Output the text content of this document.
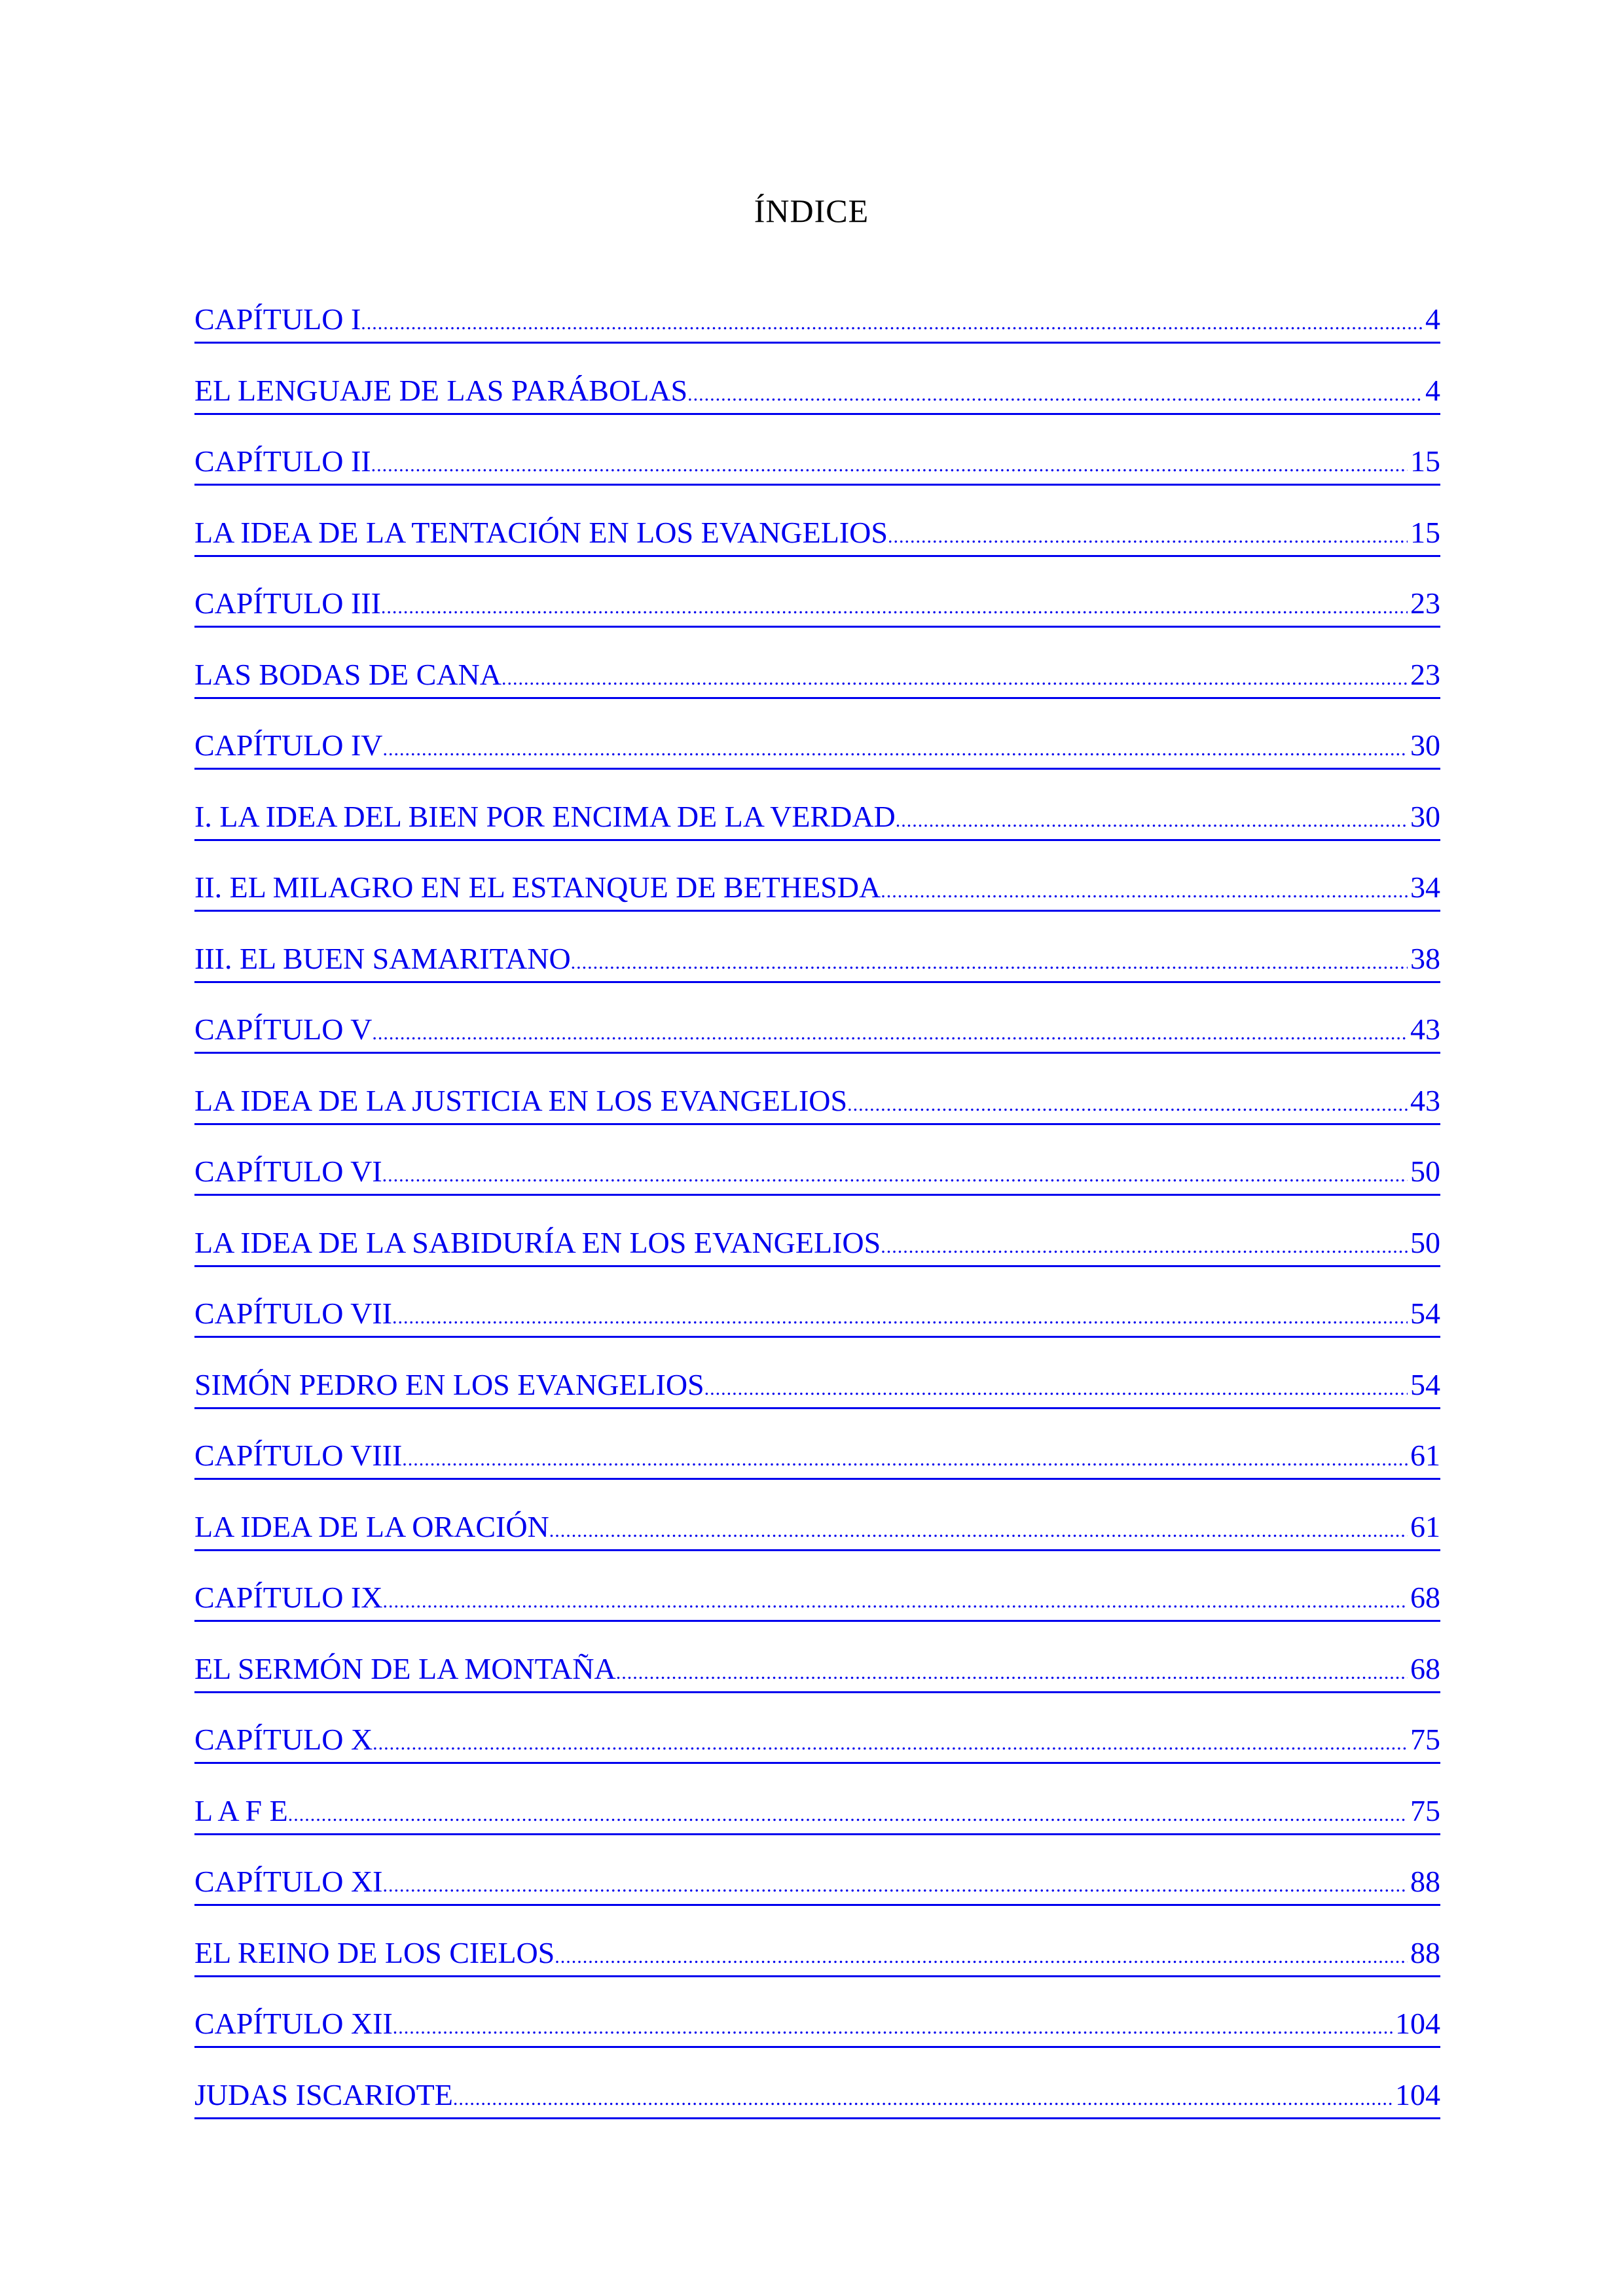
ÍNDICE
CAPÍTULO I .....	4
EL LENGUAJE DE LAS PARÁBOLAS .....	4
CAPÍTULO II .....	15
LA IDEA DE LA TENTACIÓN EN LOS EVANGELIOS .....	15
CAPÍTULO III .....	23
LAS BODAS DE CANA .....	23
CAPÍTULO IV .....	30
I. LA IDEA DEL BIEN POR ENCIMA DE LA VERDAD .....	30
II. EL MILAGRO EN EL ESTANQUE DE BETHESDA .....	34
III. EL BUEN SAMARITANO .....	38
CAPÍTULO V .....	43
LA IDEA DE LA JUSTICIA EN LOS EVANGELIOS .....	43
CAPÍTULO VI .....	50
LA IDEA DE LA SABIDURÍA EN LOS EVANGELIOS .....	50
CAPÍTULO VII .....	54
SIMÓN PEDRO EN LOS EVANGELIOS .....	54
CAPÍTULO VIII .....	61
LA IDEA DE LA ORACIÓN .....	61
CAPÍTULO IX .....	68
EL SERMÓN DE LA MONTAÑA .....	68
CAPÍTULO X .....	75
L A F E .....	75
CAPÍTULO XI .....	88
EL REINO DE LOS CIELOS .....	88
CAPÍTULO XII .....	104
JUDAS ISCARIOTE .....	104
